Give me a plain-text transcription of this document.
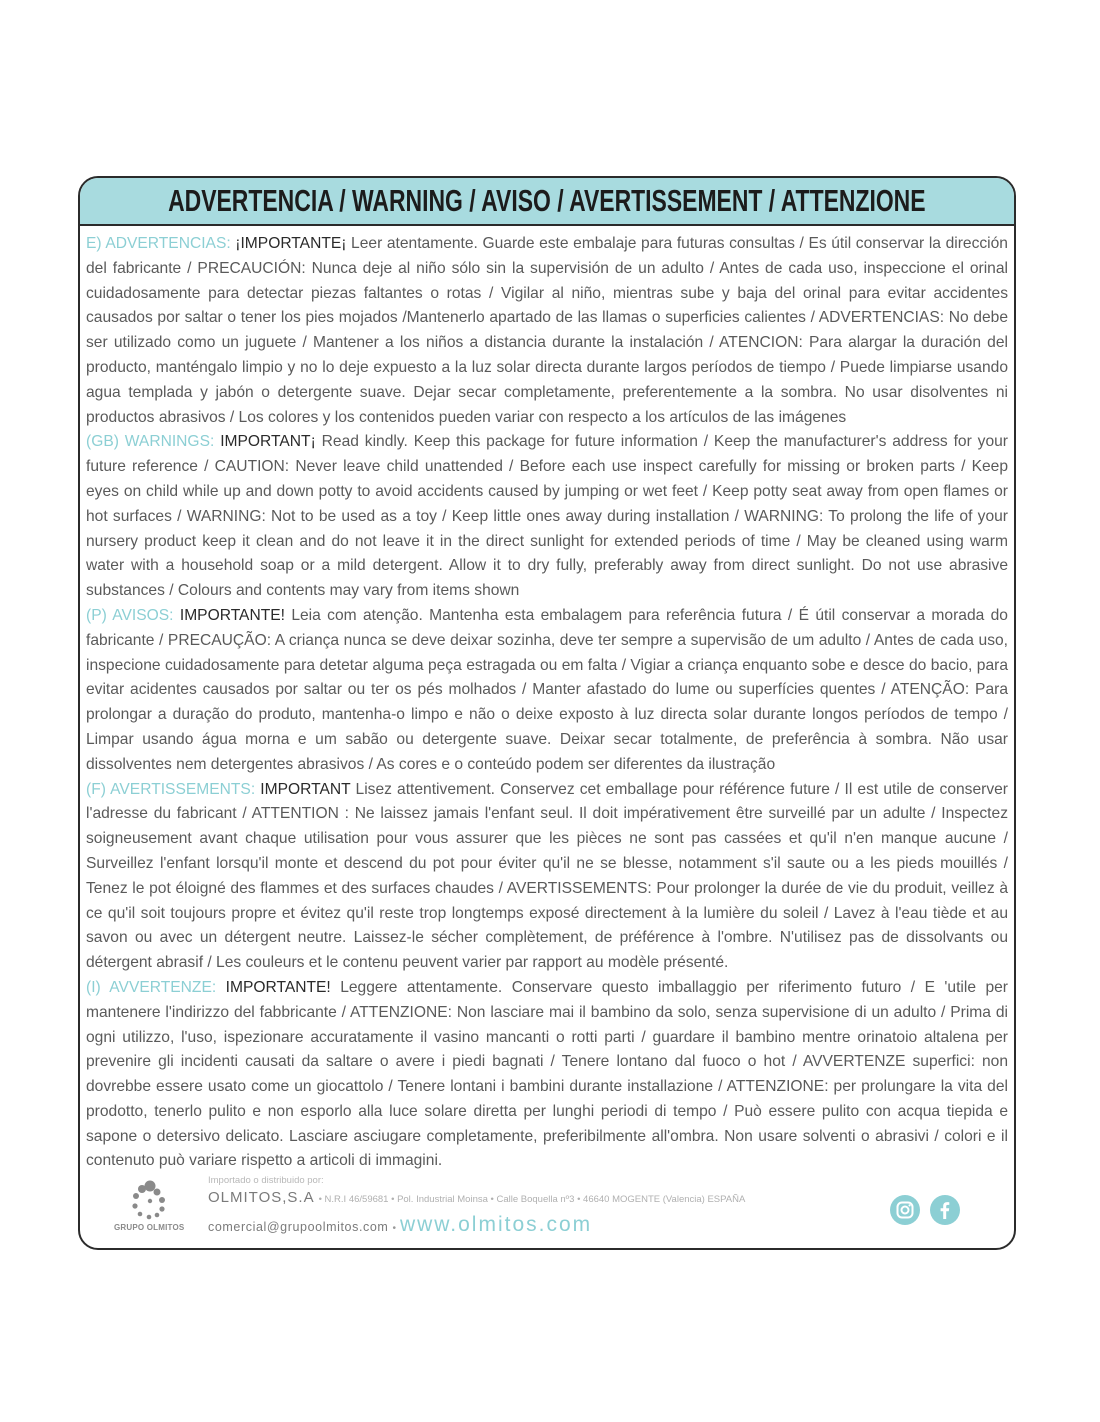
ADVERTENCIA / WARNING / AVISO / AVERTISSEMENT / ATTENZIONE

E) ADVERTENCIAS: ¡IMPORTANTE¡ Leer atentamente. Guarde este embalaje para futuras consultas / Es útil conservar la dirección del fabricante / PRECAUCIÓN: Nunca deje al niño sólo sin la supervisión de un adulto / Antes de cada uso, inspeccione el orinal cuidadosamente para detectar piezas faltantes o rotas / Vigilar al niño, mientras sube y baja del orinal para evitar accidentes causados por saltar o tener los pies mojados /Mantenerlo apartado de las llamas o superficies calientes / ADVERTENCIAS: No debe ser utilizado como un juguete / Mantener a los niños a distancia durante la instalación / ATENCION: Para alargar la duración del producto, manténgalo limpio y no lo deje expuesto a la luz solar directa durante largos períodos de tiempo / Puede limpiarse usando agua templada y jabón o detergente suave. Dejar secar completamente, preferentemente a la sombra. No usar disolventes ni productos abrasivos / Los colores y los contenidos pueden variar con respecto a los artículos de las imágenes

(GB) WARNINGS: IMPORTANT¡ Read kindly. Keep this package for future information / Keep the manufacturer's address for your future reference / CAUTION: Never leave child unattended / Before each use inspect carefully for missing or broken parts / Keep eyes on child while up and down potty to avoid accidents caused by jumping or wet feet / Keep potty seat away from open flames or hot surfaces / WARNING: Not to be used as a toy / Keep little ones away during installation / WARNING: To prolong the life of your nursery product keep it clean and do not leave it in the direct sunlight for extended periods of time / May be cleaned using warm water with a household soap or a mild detergent. Allow it to dry fully, preferably away from direct sunlight. Do not use abrasive substances / Colours and contents may vary from items shown

(P) AVISOS: IMPORTANTE! Leia com atenção. Mantenha esta embalagem para referência futura / É útil conservar a morada do fabricante / PRECAUÇÃO: A criança nunca se deve deixar sozinha, deve ter sempre a supervisão de um adulto / Antes de cada uso, inspecione cuidadosamente para detetar alguma peça estragada ou em falta / Vigiar a criança enquanto sobe e desce do bacio, para evitar acidentes causados por saltar ou ter os pés molhados / Manter afastado do lume ou superfícies quentes / ATENÇÃO: Para prolongar a duração do produto, mantenha-o limpo e não o deixe exposto à luz directa solar durante longos períodos de tempo / Limpar usando água morna e um sabão ou detergente suave. Deixar secar totalmente, de preferência à sombra. Não usar dissolventes nem detergentes abrasivos / As cores e o conteúdo podem ser diferentes da ilustração

(F) AVERTISSEMENTS: IMPORTANT Lisez attentivement. Conservez cet emballage pour référence future / Il est utile de conserver l'adresse du fabricant / ATTENTION : Ne laissez jamais l'enfant seul. Il doit impérativement être surveillé par un adulte / Inspectez soigneusement avant chaque utilisation pour vous assurer que les pièces ne sont pas cassées et qu'il n'en manque aucune / Surveillez l'enfant lorsqu'il monte et descend du pot pour éviter qu'il ne se blesse, notamment s'il saute ou a les pieds mouillés / Tenez le pot éloigné des flammes et des surfaces chaudes / AVERTISSEMENTS: Pour prolonger la durée de vie du produit, veillez à ce qu'il soit toujours propre et évitez qu'il reste trop longtemps exposé directement à la lumière du soleil / Lavez à l'eau tiède et au savon ou avec un détergent neutre. Laissez-le sécher complètement, de préférence à l'ombre. N'utilisez pas de dissolvants ou détergent abrasif / Les couleurs et le contenu peuvent varier par rapport au modèle présenté.

(I) AVVERTENZE: IMPORTANTE! Leggere attentamente. Conservare questo imballaggio per riferimento futuro / E 'utile per mantenere l'indirizzo del fabbricante / ATTENZIONE: Non lasciare mai il bambino da solo, senza supervisione di un adulto / Prima di ogni utilizzo, l'uso, ispezionare accuratamente il vasino mancanti o rotti parti / guardare il bambino mentre orinatoio altalena per prevenire gli incidenti causati da saltare o avere i piedi bagnati / Tenere lontano dal fuoco o hot / AVVERTENZE superfici: non dovrebbe essere usato come un giocattolo / Tenere lontani i bambini durante installazione / ATTENZIONE: per prolungare la vita del prodotto, tenerlo pulito e non esporlo alla luce solare diretta per lunghi periodi di tempo / Può essere pulito con acqua tiepida e sapone o detersivo delicato. Lasciare asciugare completamente, preferibilmente all'ombra. Non usare solventi o abrasivi / colori e il contenuto può variare rispetto a articoli di immagini.

GRUPO OLMITOS
Importado o distribuido por:
OLMITOS,S.A • N.R.I 46/59681 • Pol. Industrial Moinsa • Calle Boquella nº3 • 46640 MOGENTE (Valencia) ESPAÑA
comercial@grupoolmitos.com • www.olmitos.com
